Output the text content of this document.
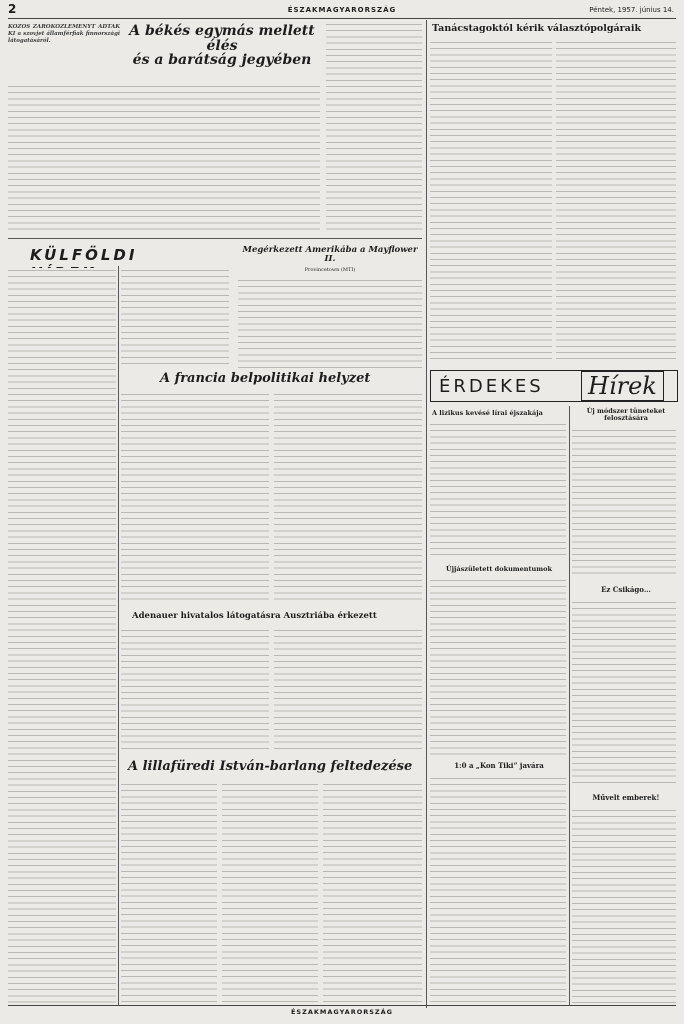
2	ÉSZAKMAGYARORSZÁG	Péntek, 1957. június 14.
KÖZÖS ZÁRÓKÖZLEMÉNYT ADTAK KI a szovjet államférfiak finnországi látogatásáról.
A békés egymás mellett élés
és a barátság jegyében
KÜLFÖLDI	Megérkezett Amerikába a Mayflower II.
Provincetown (MTI)
A francia belpolitikai helyzet
Adenauer hivatalos látogatásra Ausztriába érkezett
A lillafüredi István-barlang feltedezése
Tanácstagoktól kérik választópolgáraik
ÉRDEKES Hírek
A lizikus kevésé lírai éjszakája	Új módszer tüneteket felosztására
Újjászületett dokumentumok
1:0 a „Kon Tiki” javára
Ez Csikágo…
Művelt emberek!
ÉSZAKMAGYARORSZÁG
